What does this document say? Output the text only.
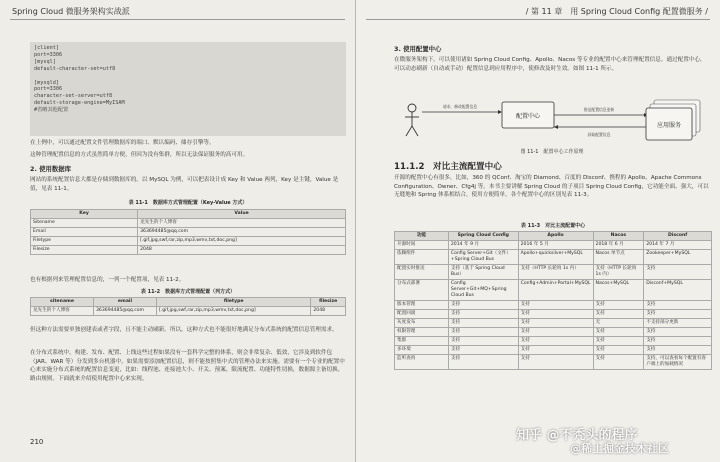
Spring Cloud 微服务架构实战派
[client]
port=3306
[mysql]
default-character-set=utf8

[mysqld]
port=3306
character-set-server=utf8
default-storage-engine=MyISAM
#省略其他配置
在上例中，可以通过配置文件管理数据库的端口、默认编码、储存引擎等。
这种管理配置信息的方式虽然简单方便，但因为没有集群，所以无法保证服务的高可用。
2. 使用数据库
网站的系统配置信息大都是存储到数据库的。以 MySQL 为例，可以把表设计成 Key 和 Value 两列，Key 是主键，Value 是值，见表 11-1。
表 11-1　数据库方式管理配置（Key-Value 方式）
Key	Value
Sitename	龙先生的个人博客
Email	363694485@qq.com
Filetype	[.gif,jpg,swf,rar,zip,mp3,wmv,txt,doc,png]
Filesize	2048
也有根据列来管理配置信息的，一列一个配置项，见表 11-2。
表 11-2　数据库方式管理配置（列方式）
sitename	email	filetype	filesize
龙先生的个人博客	363694485@qq.com	[.gif,jpg,swf,rar,zip,mp3,wmv,txt,doc,png]	2048
但这种方法需要单独创建表或者字段，且不能主动刷新。所以，这种方式也不能很好地满足分布式系统的配置信息管理需求。
在分布式系统中，构建、发布、配置、上线这些过程如果没有一套科学完整的体系，则会非常复杂、低效，它涉及到软件包（JAR、WAR 等）分发到多台机器中，如果需要添加配置信息，则不能按照集中式的管理办法来实施。需要有一个专业的配置中心来实施分布式系统的配置信息变更，比如：线程池、连接池大小、开关、预案、限流配置、功能特性切换，数据源主备切换、路由规则。下面就来介绍使用配置中心来实现。
210
/ 第 11 章　用 Spring Cloud Config 配置微服务 /
3. 使用配置中心
在微服务架构下，可以使用诸如 Spring Cloud Config、Apollo、Nacos 等专业的配置中心来管理配置信息。通过配置中心，可以动态刷新（自动或手动）配置信息到应用程序中，使修改及时生效。如图 11-1 所示。
配置中心
应用服务
请求、修改配置信息
推送配置信息更新
获取配置信息
图 11-1　配置中心工作原理
11.1.2　对比主流配置中心
开源的配置中心有很多，比如，360 的 QConf、淘宝的 Diamond、百度的 Disconf、携程的 Apollo、Apache Commons Configuration、Owner、Cfg4j 等。本书主要讲解 Spring Cloud 的子项目 Spring Cloud Config，它功能全面、强大，可以无缝地和 Spring 体系相结合，使用方便简单。各个配置中心的区别见表 11-3。
表 11-3　对比主流配置中心
功能	Spring Cloud Config	Apollo	Nacos	Disconf
开源时间	2014 年 9 月	2016 年 5 月	2018 年 6 月	2014 年 7 月
依赖组件	Config Server+Git（文件）+Spring Cloud Bus	Apollo+quicksilver+MySQL	Nacos 单节点	Zookeeper+MySQL
配置实时推送	支持（基于 Spring Cloud Bus）	支持（HTTP 长轮询 1s 内）	支持（HTTP 长轮询 1s 内）	支持
分布式部署	Config Server+Git+MQ+Spring Cloud Bus	Config+Admin+Portal+MySQL	Nacos+MySQL	Disconf+MySQL
版本管理	支持	支持	支持	支持
配置回滚	支持	支持	支持	支持
灰度发布	支持	支持	无	不支持部分更新
权限管理	支持	支持	支持	支持
集群	支持	支持	支持	支持
多环境	支持	支持	支持	支持
监听查询	支持	支持	支持	支持，可以查看每个配置有客户端上的加载情况
知乎 @不秃头的程序
@稀土掘金技术社区
